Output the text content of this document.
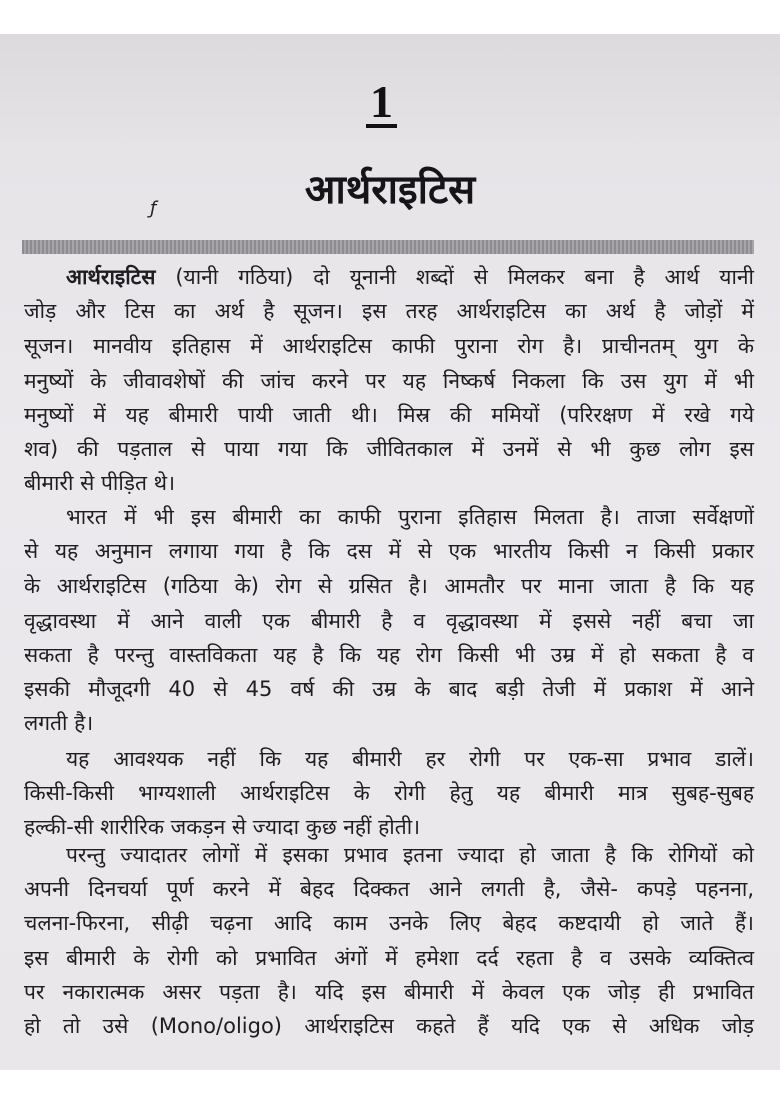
1
आर्थराइटिस
ƒ
आर्थराइटिस (यानी गठिया) दो यूनानी शब्दों से मिलकर बना है आर्थ यानी
जोड़ और टिस का अर्थ है सूजन। इस तरह आर्थराइटिस का अर्थ है जोड़ों में
सूजन। मानवीय इतिहास में आर्थराइटिस काफी पुराना रोग है। प्राचीनतम् युग के
मनुष्यों के जीवावशेषों की जांच करने पर यह निष्कर्ष निकला कि उस युग में भी
मनुष्यों में यह बीमारी पायी जाती थी। मिस्र की ममियों (परिरक्षण में रखे गये
शव) की पड़ताल से पाया गया कि जीवितकाल में उनमें से भी कुछ लोग इस
बीमारी से पीड़ित थे।
भारत में भी इस बीमारी का काफी पुराना इतिहास मिलता है। ताजा सर्वेक्षणों
से यह अनुमान लगाया गया है कि दस में से एक भारतीय किसी न किसी प्रकार
के आर्थराइटिस (गठिया के) रोग से ग्रसित है। आमतौर पर माना जाता है कि यह
वृद्धावस्था में आने वाली एक बीमारी है व वृद्धावस्था में इससे नहीं बचा जा
सकता है परन्तु वास्तविकता यह है कि यह रोग किसी भी उम्र में हो सकता है व
इसकी मौजूदगी 40 से 45 वर्ष की उम्र के बाद बड़ी तेजी में प्रकाश में आने
लगती है।
यह आवश्यक नहीं कि यह बीमारी हर रोगी पर एक-सा प्रभाव डालें।
किसी-किसी भाग्यशाली आर्थराइटिस के रोगी हेतु यह बीमारी मात्र सुबह-सुबह
हल्की-सी शारीरिक जकड़न से ज्यादा कुछ नहीं होती।
परन्तु ज्यादातर लोगों में इसका प्रभाव इतना ज्यादा हो जाता है कि रोगियों को
अपनी दिनचर्या पूर्ण करने में बेहद दिक्कत आने लगती है, जैसे- कपड़े पहनना,
चलना-फिरना, सीढ़ी चढ़ना आदि काम उनके लिए बेहद कष्टदायी हो जाते हैं।
इस बीमारी के रोगी को प्रभावित अंगों में हमेशा दर्द रहता है व उसके व्यक्तित्व
पर नकारात्मक असर पड़ता है। यदि इस बीमारी में केवल एक जोड़ ही प्रभावित
हो तो उसे (Mono/oligo) आर्थराइटिस कहते हैं यदि एक से अधिक जोड़
